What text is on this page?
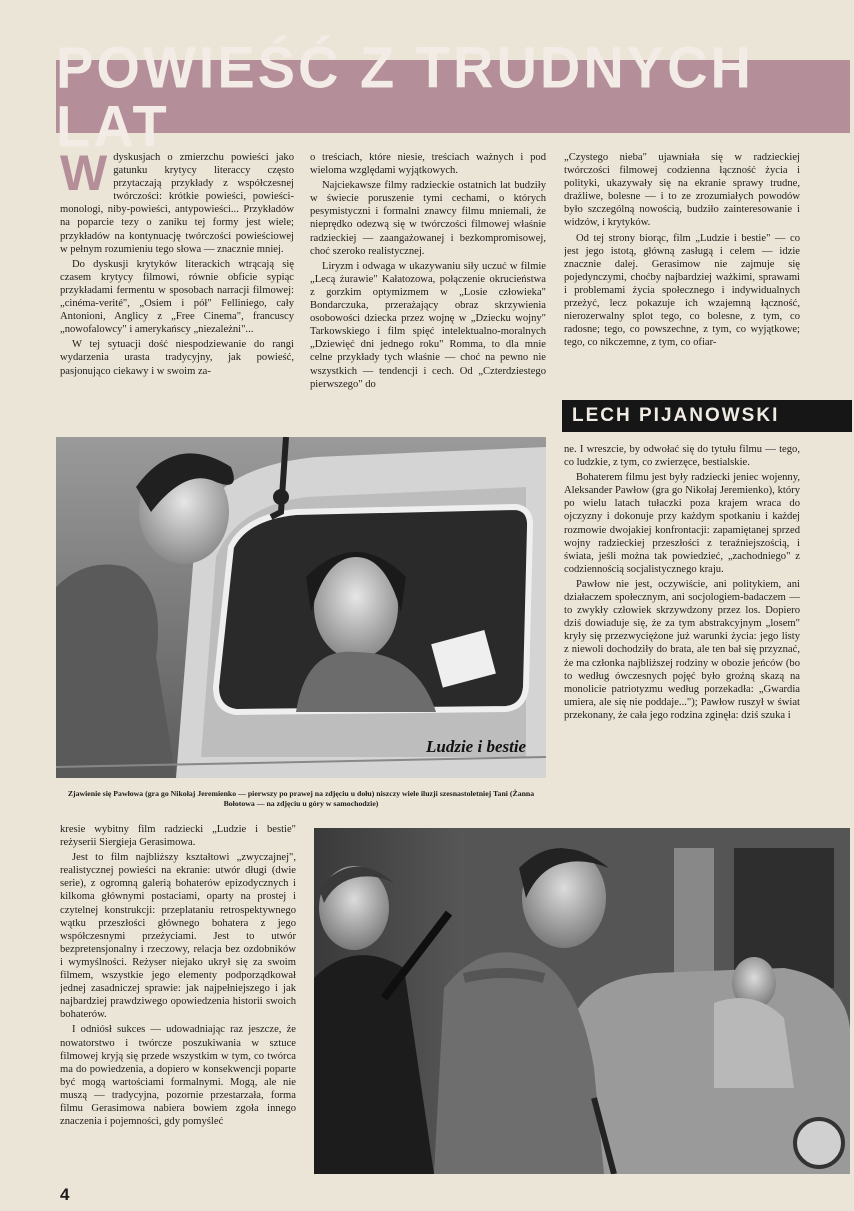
POWIEŚĆ Z TRUDNYCH LAT

Wdyskusjach o zmierzchu powieści jako gatunku krytycy literaccy często przytaczają przykłady z współczesnej twórczości: krótkie powieści, powieści-monologi, niby-powieści, antypowieści... Przykładów na poparcie tezy o zaniku tej formy jest wiele; przykładów na kontynuację twórczości powieściowej w pełnym rozumieniu tego słowa — znacznie mniej.

Do dyskusji krytyków literackich wtrącają się czasem krytycy filmowi, równie obficie sypiąc przykładami fermentu w sposobach narracji filmowej: „cinéma-verité", „Osiem i pół" Felliniego, cały Antonioni, Anglicy z „Free Cinema", francuscy „nowofalowcy" i amerykańscy „niezależni"...

W tej sytuacji dość niespodziewanie do rangi wydarzenia urasta tradycyjny, jak powieść, pasjonująco ciekawy i w swoim za-

o treściach, które niesie, treściach ważnych i pod wieloma względami wyjątkowych.

Najciekawsze filmy radzieckie ostatnich lat budziły w świecie poruszenie tymi cechami, o których pesymistyczni i formalni znawcy filmu mniemali, że nieprędko odezwą się w twórczości filmowej właśnie radzieckiej — zaangażowanej i bezkompromisowej, choć szeroko realistycznej.

Liryzm i odwaga w ukazywaniu siły uczuć w filmie „Lecą żurawie" Kałatozowa, połączenie okrucieństwa z gorzkim optymizmem w „Losie człowieka" Bondarczuka, przerażający obraz skrzywienia osobowości dziecka przez wojnę w „Dziecku wojny" Tarkowskiego i film spięć intelektualno-moralnych „Dziewięć dni jednego roku" Romma, to dla mnie celne przykłady tych właśnie — choć na pewno nie wszystkich — tendencji i cech. Od „Czterdziestego pierwszego" do

„Czystego nieba" ujawniała się w radzieckiej twórczości filmowej codzienna łączność życia i polityki, ukazywały się na ekranie sprawy trudne, drażliwe, bolesne — i to ze zrozumiałych powodów było szczególną nowością, budziło zainteresowanie i widzów, i krytyków.

Od tej strony biorąc, film „Ludzie i bestie" — co jest jego istotą, główną zasługą i celem — idzie znacznie dalej. Gerasimow nie zajmuje się pojedynczymi, choćby najbardziej ważkimi, sprawami i problemami życia społecznego i indywidualnych przeżyć, lecz pokazuje ich wzajemną łączność, nierozerwalny splot tego, co bolesne, z tym, co radosne; tego, co powszechne, z tym, co wyjątkowe; tego, co nikczemne, z tym, co ofiar-

LECH PIJANOWSKI

ne. I wreszcie, by odwołać się do tytułu filmu — tego, co ludzkie, z tym, co zwierzęce, bestialskie.

Bohaterem filmu jest były radziecki jeniec wojenny, Aleksander Pawłow (gra go Nikołaj Jeremienko), który po wielu latach tułaczki poza krajem wraca do ojczyzny i dokonuje przy każdym spotkaniu i każdej rozmowie dwojakiej konfrontacji: zapamiętanej sprzed wojny radzieckiej przeszłości z teraźniejszością, i świata, jeśli można tak powiedzieć, „zachodniego" z codziennością socjalistycznego kraju.

Pawłow nie jest, oczywiście, ani politykiem, ani działaczem społecznym, ani socjologiem-badaczem — to zwykły człowiek skrzywdzony przez los. Dopiero dziś dowiaduje się, że za tym abstrakcyjnym „losem" kryły się przezwyciężone już warunki życia: jego listy z niewoli dochodziły do brata, ale ten bał się przyznać, że ma członka najbliższej rodziny w obozie jeńców (bo to według ówczesnych pojęć było groźną skazą na monolicie patriotyzmu według porzekadła: „Gwardia umiera, ale się nie poddaje..."); Pawłow ruszył w świat przekonany, że cała jego rodzina zginęła: dziś szuka i

Ludzie i bestie
Zjawienie się Pawłowa (gra go Nikołaj Jeremienko — pierwszy po prawej na zdjęciu u dołu) niszczy wiele iluzji szesnastoletniej Tani (Żanna Bołotowa — na zdjęciu u góry w samochodzie)

kresie wybitny film radziecki „Ludzie i bestie" reżyserii Siergieja Gerasimowa.

Jest to film najbliższy kształtowi „zwyczajnej", realistycznej powieści na ekranie: utwór długi (dwie serie), z ogromną galerią bohaterów epizodycznych i kilkoma głównymi postaciami, oparty na prostej i czytelnej konstrukcji: przeplataniu retrospektywnego wątku przeszłości głównego bohatera z jego współczesnymi przeżyciami. Jest to utwór bezpretensjonalny i rzeczowy, relacja bez ozdobników i wymyślności. Reżyser niejako ukrył się za swoim filmem, wszystkie jego elementy podporządkował jednej zasadniczej sprawie: jak najpełniejszego i jak najbardziej prawdziwego opowiedzenia historii swoich bohaterów.

I odniósł sukces — udowadniając raz jeszcze, że nowatorstwo i twórcze poszukiwania w sztuce filmowej kryją się przede wszystkim w tym, co twórca ma do powiedzenia, a dopiero w konsekwencji poparte być mogą wartościami formalnymi. Mogą, ale nie muszą — tradycyjna, pozornie przestarzała, forma filmu Gerasimowa nabiera bowiem zgoła innego znaczenia i pojemności, gdy pomyśleć

4
